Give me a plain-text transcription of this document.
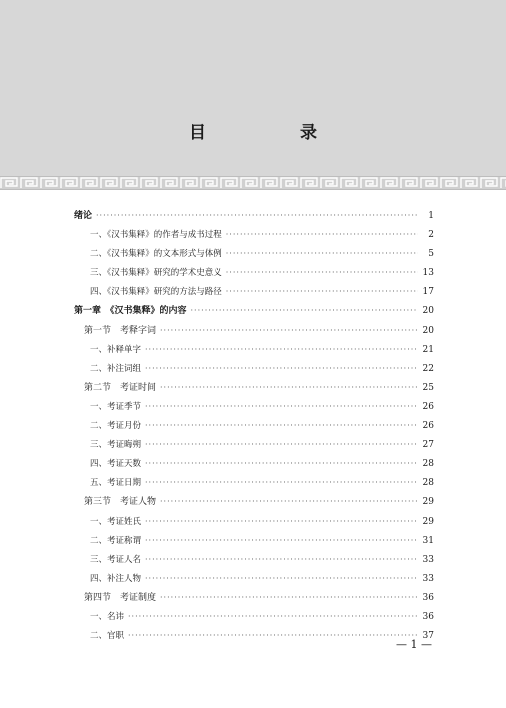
目 录
绪论 ·····	1
一、《汉书集释》的作者与成书过程 ·····	2
二、《汉书集释》的文本形式与体例 ·····	5
三、《汉书集释》研究的学术史意义 ·····	13
四、《汉书集释》研究的方法与路径 ·····	17
第一章　《汉书集释》的内容 ·····	20
第一节　考释字词 ·····	20
一、补释单字 ·····	21
二、补注词组 ·····	22
第二节　考证时间 ·····	25
一、考证季节 ·····	26
二、考证月份 ·····	26
三、考证晦朔 ·····	27
四、考证天数 ·····	28
五、考证日期 ·····	28
第三节　考证人物 ·····	29
一、考证姓氏 ·····	29
二、考证称谓 ·····	31
三、考证人名 ·····	33
四、补注人物 ·····	33
第四节　考证制度 ·····	36
一、名讳 ·····	36
二、官职 ·····	37
— 1 —
